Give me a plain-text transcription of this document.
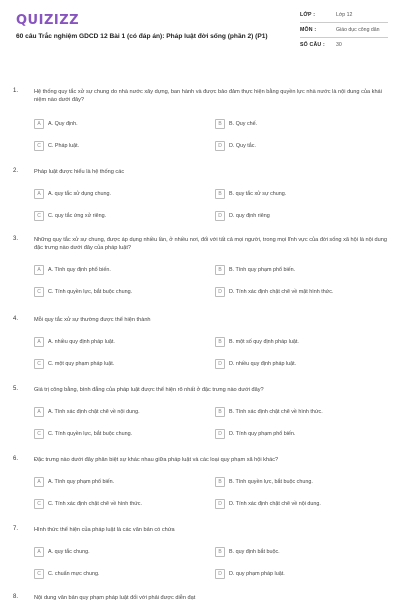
QUIZIZZ
60 câu Trắc nghiệm GDCD 12 Bài 1 (có đáp án): Pháp luật đời sống (phần 2) (P1)
LỚP :	Lớp 12
MÔN :	Giáo dục công dân
SỐ CÂU :	30
1.	Hệ thống quy tắc xử sự chung do nhà nước xây dựng, ban hành và được bảo đảm thực hiện bằng quyền lực nhà nước là nội dung của khái niệm nào dưới đây?
A	A. Quy định.	B	B. Quy chế.
C	C. Pháp luật.	D	D. Quy tắc.
2.	Pháp luật được hiểu là hệ thống các
A	A. quy tắc sử dụng chung.	B	B. quy tắc xử sự chung.
C	C. quy tắc ứng xử riêng.	D	D. quy định riêng
3.	Những quy tắc xử sự chung, được áp dụng nhiều lần, ở nhiều nơi, đối với tất cả mọi người, trong mọi lĩnh vực của đời sống xã hội là nội dung đặc trưng nào dưới đây của pháp luật?
A	A. Tính quy định phổ biến.	B	B. Tính quy phạm phổ biến.
C	C. Tính quyền lực, bắt buộc chung.	D	D. Tính xác định chặt chẽ về mặt hình thức.
4.	Mỗi quy tắc xử sự thường được thể hiện thành
A	A. nhiều quy định pháp luật.	B	B. một số quy định pháp luật.
C	C. một quy phạm pháp luật.	D	D. nhiều quy định pháp luật.
5.	Giá trị công bằng, bình đẳng của pháp luật được thể hiện rõ nhất ở đặc trưng nào dưới đây?
A	A. Tính xác định chặt chẽ về nội dung.	B	B. Tính xác định chặt chẽ về hình thức.
C	C. Tính quyền lực, bắt buộc chung.	D	D. Tính quy phạm phổ biến.
6.	Đặc trưng nào dưới đây phân biệt sự khác nhau giữa pháp luật và các loại quy phạm xã hội khác?
A	A. Tính quy phạm phổ biến.	B	B. Tính quyền lực, bắt buộc chung.
C	C. Tính xác định chặt chẽ về hình thức.	D	D. Tính xác định chặt chẽ về nội dung.
7.	Hình thức thể hiện của pháp luật là các văn bản có chứa
A	A. quy tắc chung.	B	B. quy định bắt buộc.
C	C. chuẩn mực chung.	D	D. quy phạm pháp luật.
8.	Nội dung văn bản quy phạm pháp luật đối với phải được diễn đạt
